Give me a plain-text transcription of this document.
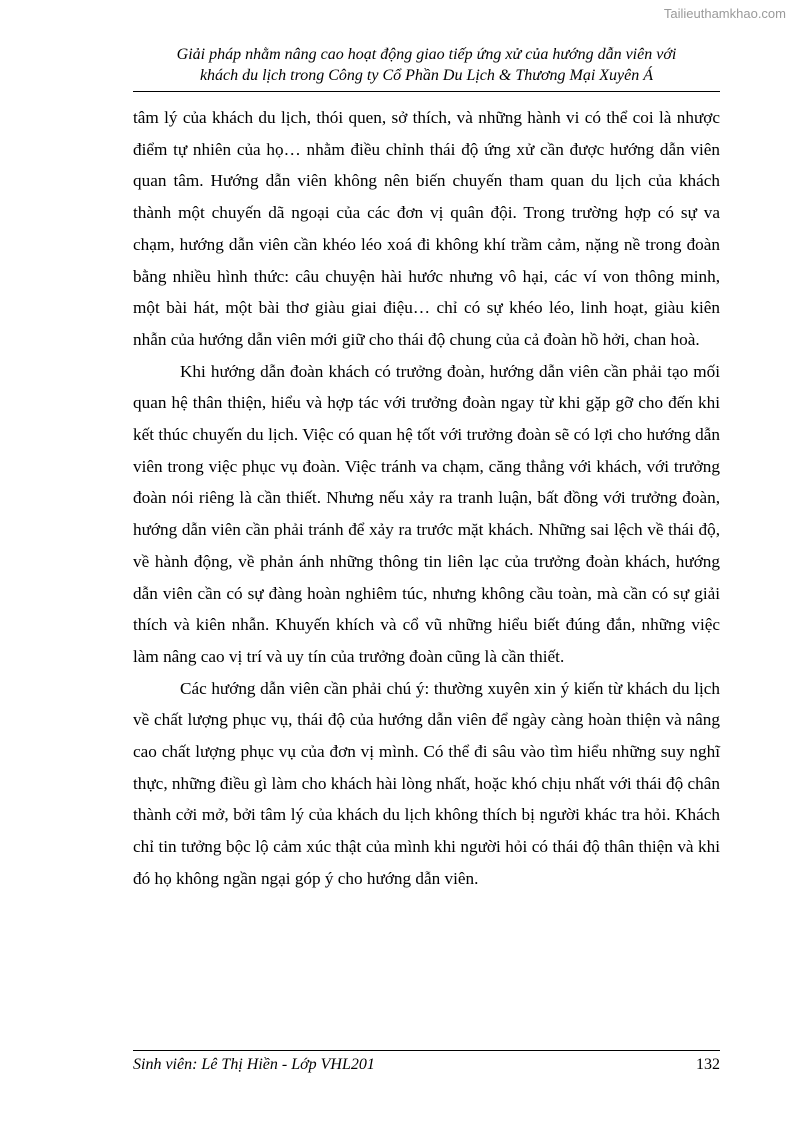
Tailieuthamkhao.com
Giải pháp nhằm nâng cao hoạt động giao tiếp ứng xử của hướng dẫn viên với
khách du lịch trong Công ty Cổ Phần Du Lịch & Thương Mại Xuyên Á

tâm lý của khách du lịch, thói quen, sở thích, và những hành vi có thể coi là nhược điểm tự nhiên của họ… nhằm điều chỉnh thái độ ứng xử cần được hướng dẫn viên quan tâm. Hướng dẫn viên không nên biến chuyến tham quan du lịch của khách thành một chuyến dã ngoại của các đơn vị quân đội. Trong trường hợp có sự va chạm, hướng dẫn viên cần khéo léo xoá đi không khí trầm cảm, nặng nề trong đoàn bằng nhiều hình thức: câu chuyện hài hước nhưng vô hại, các ví von thông minh, một bài hát, một bài thơ giàu giai điệu… chỉ có sự khéo léo, linh hoạt, giàu kiên nhẫn của hướng dẫn viên mới giữ cho thái độ chung của cả đoàn hồ hởi, chan hoà.

Khi hướng dẫn đoàn khách có trưởng đoàn, hướng dẫn viên cần phải tạo mối quan hệ thân thiện, hiểu và hợp tác với trưởng đoàn ngay từ khi gặp gỡ cho đến khi kết thúc chuyến du lịch. Việc có quan hệ tốt với trưởng đoàn sẽ có lợi cho hướng dẫn viên trong việc phục vụ đoàn. Việc tránh va chạm, căng thẳng với khách, với trưởng đoàn nói riêng là cần thiết. Nhưng nếu xảy ra tranh luận, bất đồng với trưởng đoàn, hướng dẫn viên cần phải tránh để xảy ra trước mặt khách. Những sai lệch về thái độ, về hành động, về phản ánh những thông tin liên lạc của trưởng đoàn khách, hướng dẫn viên cần có sự đàng hoàn nghiêm túc, nhưng không cầu toàn, mà cần có sự giải thích và kiên nhẫn. Khuyến khích và cổ vũ những hiểu biết đúng đắn, những việc làm nâng cao vị trí và uy tín của trưởng đoàn cũng là cần thiết.

Các hướng dẫn viên cần phải chú ý: thường xuyên xin ý kiến từ khách du lịch về chất lượng phục vụ, thái độ của hướng dẫn viên để ngày càng hoàn thiện và nâng cao chất lượng phục vụ của đơn vị mình. Có thể đi sâu vào tìm hiểu những suy nghĩ thực, những điều gì làm cho khách hài lòng nhất, hoặc khó chịu nhất với thái độ chân thành cởi mở, bởi tâm lý của khách du lịch không thích bị người khác tra hỏi. Khách chỉ tin tưởng bộc lộ cảm xúc thật của mình khi người hỏi có thái độ thân thiện và khi đó họ không ngần ngại góp ý cho hướng dẫn viên.

Sinh viên: Lê Thị Hiền - Lớp VHL201	132
